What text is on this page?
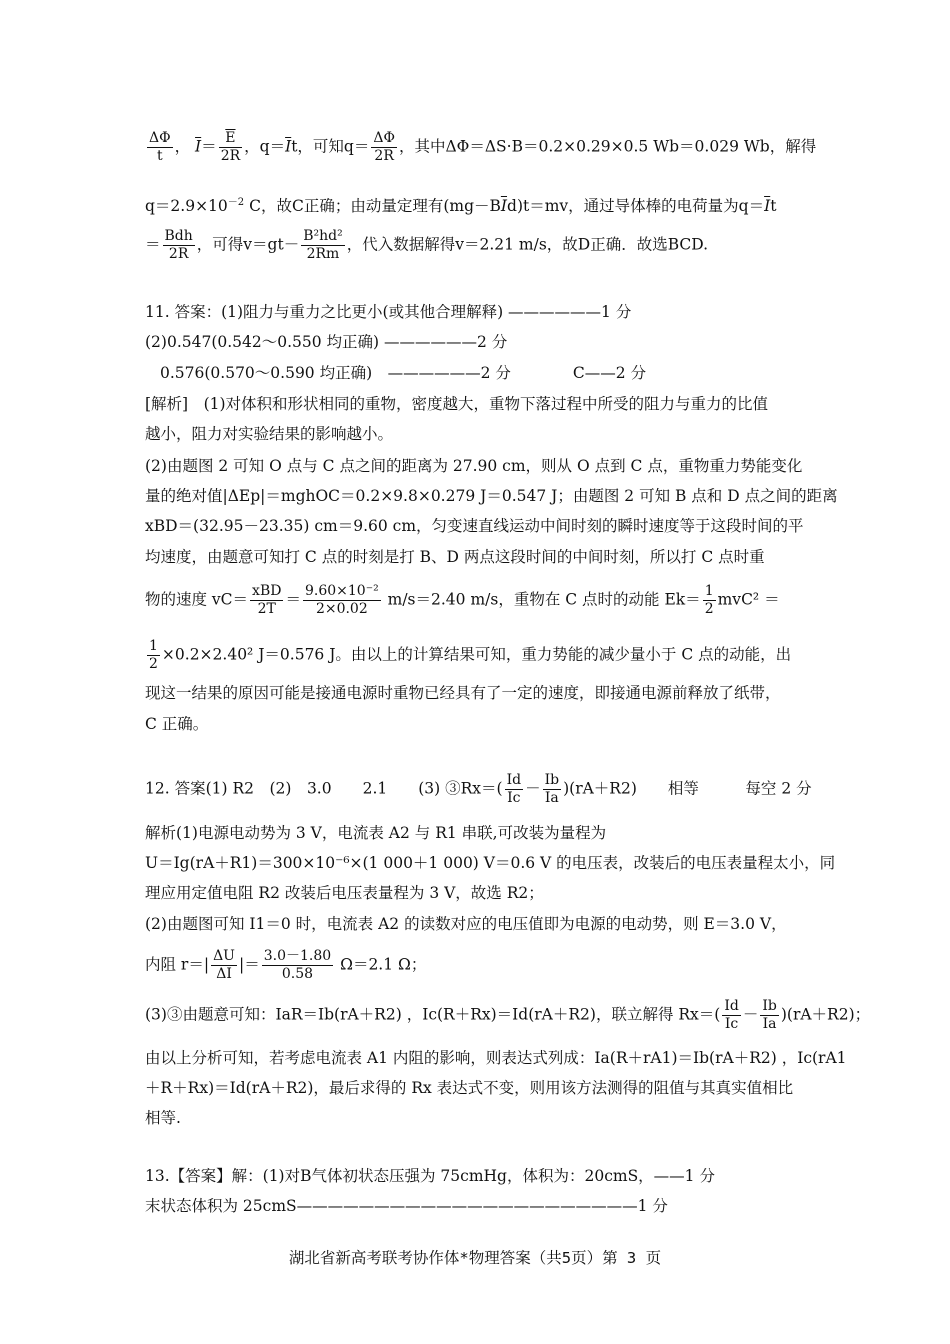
$\frac{\Delta\Phi}{t}$ ， $\overline{I}= \frac{\overline{E}}{2R}$ ，$q=\overline{I}t$，可知$q= \frac{\Delta\Phi}{2R}$ ，其中ΔΦ＝ΔS·B＝0.2×0.29×0.5 Wb＝0.029 Wb，解得
$q=2.9\times 10^{-2}$ C，故C正确；由动量定理有$(mg-B\overline{I}d)t=mv$，通过导体棒的电荷量为$q=\overline{I}t$
＝ $\frac{\text{Bdh}}{2R}$ ，可得$v=gt- \frac{\text{B²hd²}}{2Rm}$ ，代入数据解得v＝2.21 m/s，故D正确．故选BCD.
11. 答案：(1)阻力与重力之比更小(或其他合理解释) ——————1 分
(2)0.547(0.542～0.550 均正确) ——————2 分
0.576(0.570～0.590 均正确)　——————2 分　　　　C——2 分
[解析]　(1)对体积和形状相同的重物，密度越大，重物下落过程中所受的阻力与重力的比值
越小，阻力对实验结果的影响越小。
(2)由题图 2 可知 O 点与 C 点之间的距离为 27.90 cm，则从 O 点到 C 点，重物重力势能变化
量的绝对值|ΔEp|＝mghOC＝0.2×9.8×0.279 J＝0.547 J；由题图 2 可知 B 点和 D 点之间的距离
xBD＝(32.95－23.35) cm＝9.60 cm，匀变速直线运动中间时刻的瞬时速度等于这段时间的平
均速度，由题意可知打 C 点的时刻是打 B、D 两点这段时间的中间时刻，所以打 C 点时重
物的速度 $vC= \frac{\text{xBD}}{2T} = \frac{\text{9.60×10⁻²}}{2\times 0.02} m/s=2.40$ m/s，重物在 C 点时的动能 $Ek= \frac{1}{2} mvC^2$ ＝
$\frac{1}{2} \times 0.2\times 2.40^2$ J＝0.576 J。由以上的计算结果可知，重力势能的减少量小于 C 点的动能，出
现这一结果的原因可能是接通电源时重物已经具有了一定的速度，即接通电源前释放了纸带，
C 正确。
12. 答案(1) R2　(2)　3.0　　2.1　　(3) ③Rx＝( $\frac{Id}{Ic} - \frac{Ib}{Ia} )(rA+R2)$　　相等　　　每空 2 分
解析(1)电源电动势为 3 V，电流表 A2 与 R1 串联,可改装为量程为
U＝Ig(rA＋R1)＝300×10⁻⁶×(1 000＋1 000) V＝0.6 V 的电压表，改装后的电压表量程太小，同
理应用定值电阻 R2 改装后电压表量程为 3 V，故选 R2；
(2)由题图可知 I1＝0 时，电流表 A2 的读数对应的电压值即为电源的电动势，则 E＝3.0 V，
内阻 $r=| \frac{\Delta U}{\Delta I}$ |＝ $\frac{3.0-1.80}{0.58} \Omega=2.1$ Ω；
(3)③由题意可知：IaR＝Ib(rA＋R2) ，Ic(R＋Rx)＝Id(rA＋R2)，联立解得 $Rx=( \frac{Id}{Ic} - \frac{Ib}{Ia} )(rA+R2)$；
由以上分析可知，若考虑电流表 A1 内阻的影响，则表达式列成：Ia(R＋rA1)＝Ib(rA＋R2) ，Ic(rA1
＋R＋Rx)＝Id(rA＋R2)，最后求得的 Rx 表达式不变，则用该方法测得的阻值与其真实值相比
相等.
13.【答案】解：(1)对B气体初状态压强为 75cmHg，体积为：20cmS，——1 分
末状态体积为 25cmS——————————————————————1 分
湖北省新高考联考协作体*物理答案（共5页）第 3 页
